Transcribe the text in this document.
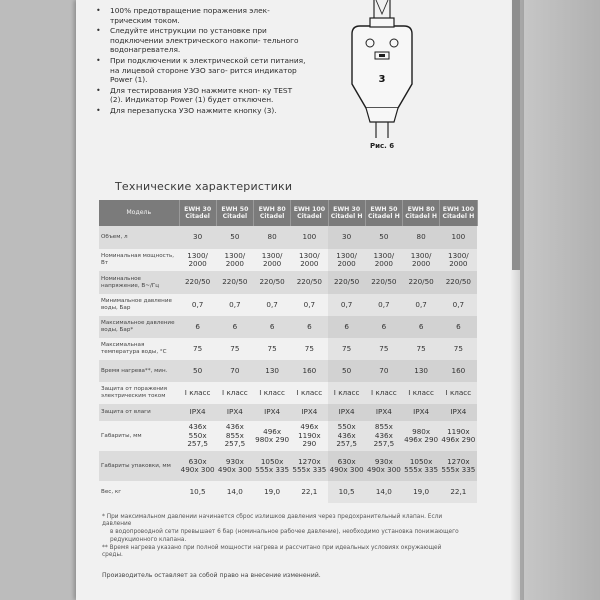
• 100% предотвращение поражения элек- трическим током.
• Следуйте инструкции по установке при подключении электрического накопи- тельного водонагревателя.
• При подключении к электрической сети питания, на лицевой стороне УЗО заго- рится индикатор Power (1).
• Для тестирования УЗО нажмите кноп- ку TEST (2). Индикатор Power (1) будет отключен.
• Для перезапуска УЗО нажмите кнопку (3).
3
Рис. 6
Технические характеристики
Модель	EWH 30 Citadel	EWH 50 Citadel	EWH 80 Citadel	EWH 100 Citadel	EWH 30 Citadel H	EWH 50 Citadel H	EWH 80 Citadel H	EWH 100 Citadel H
Объем, л	30	50	80	100	30	50	80	100
Номинальная мощность, Вт	1300/ 2000	1300/ 2000	1300/ 2000	1300/ 2000	1300/ 2000	1300/ 2000	1300/ 2000	1300/ 2000
Номинальное напряжение, В~/Гц	220/50	220/50	220/50	220/50	220/50	220/50	220/50	220/50
Минимальное давление воды, Бар	0,7	0,7	0,7	0,7	0,7	0,7	0,7	0,7
Максимальное давление воды, Бар*	6	6	6	6	6	6	6	6
Максимальная температура воды, °С	75	75	75	75	75	75	75	75
Время нагрева**, мин.	50	70	130	160	50	70	130	160
Защита от поражения электрическим током	I класс	I класс	I класс	I класс	I класс	I класс	I класс	I класс
Защита от влаги	IPX4	IPX4	IPX4	IPX4	IPX4	IPX4	IPX4	IPX4
Габариты, мм	436х 550х 257,5	436х 855х 257,5	496х 980х 290	496х 1190х 290	550х 436х 257,5	855х 436х 257,5	980х 496х 290	1190х 496х 290
Габариты упаковки, мм	630х 490х 300	930х 490х 300	1050х 555х 335	1270х 555х 335	630х 490х 300	930х 490х 300	1050х 555х 335	1270х 555х 335
Вес, кг	10,5	14,0	19,0	22,1	10,5	14,0	19,0	22,1

* При максимальном давлении начинается сброс излишков давления через предохранительный клапан. Если давление

в водопроводной сети превышает 6 бар (номинальное рабочее давление), необходимо установка понижающего редукционного клапана.

** Время нагрева указано при полной мощности нагрева и рассчитано при идеальных условиях окружающей среды.

Производитель оставляет за собой право на внесение изменений.
